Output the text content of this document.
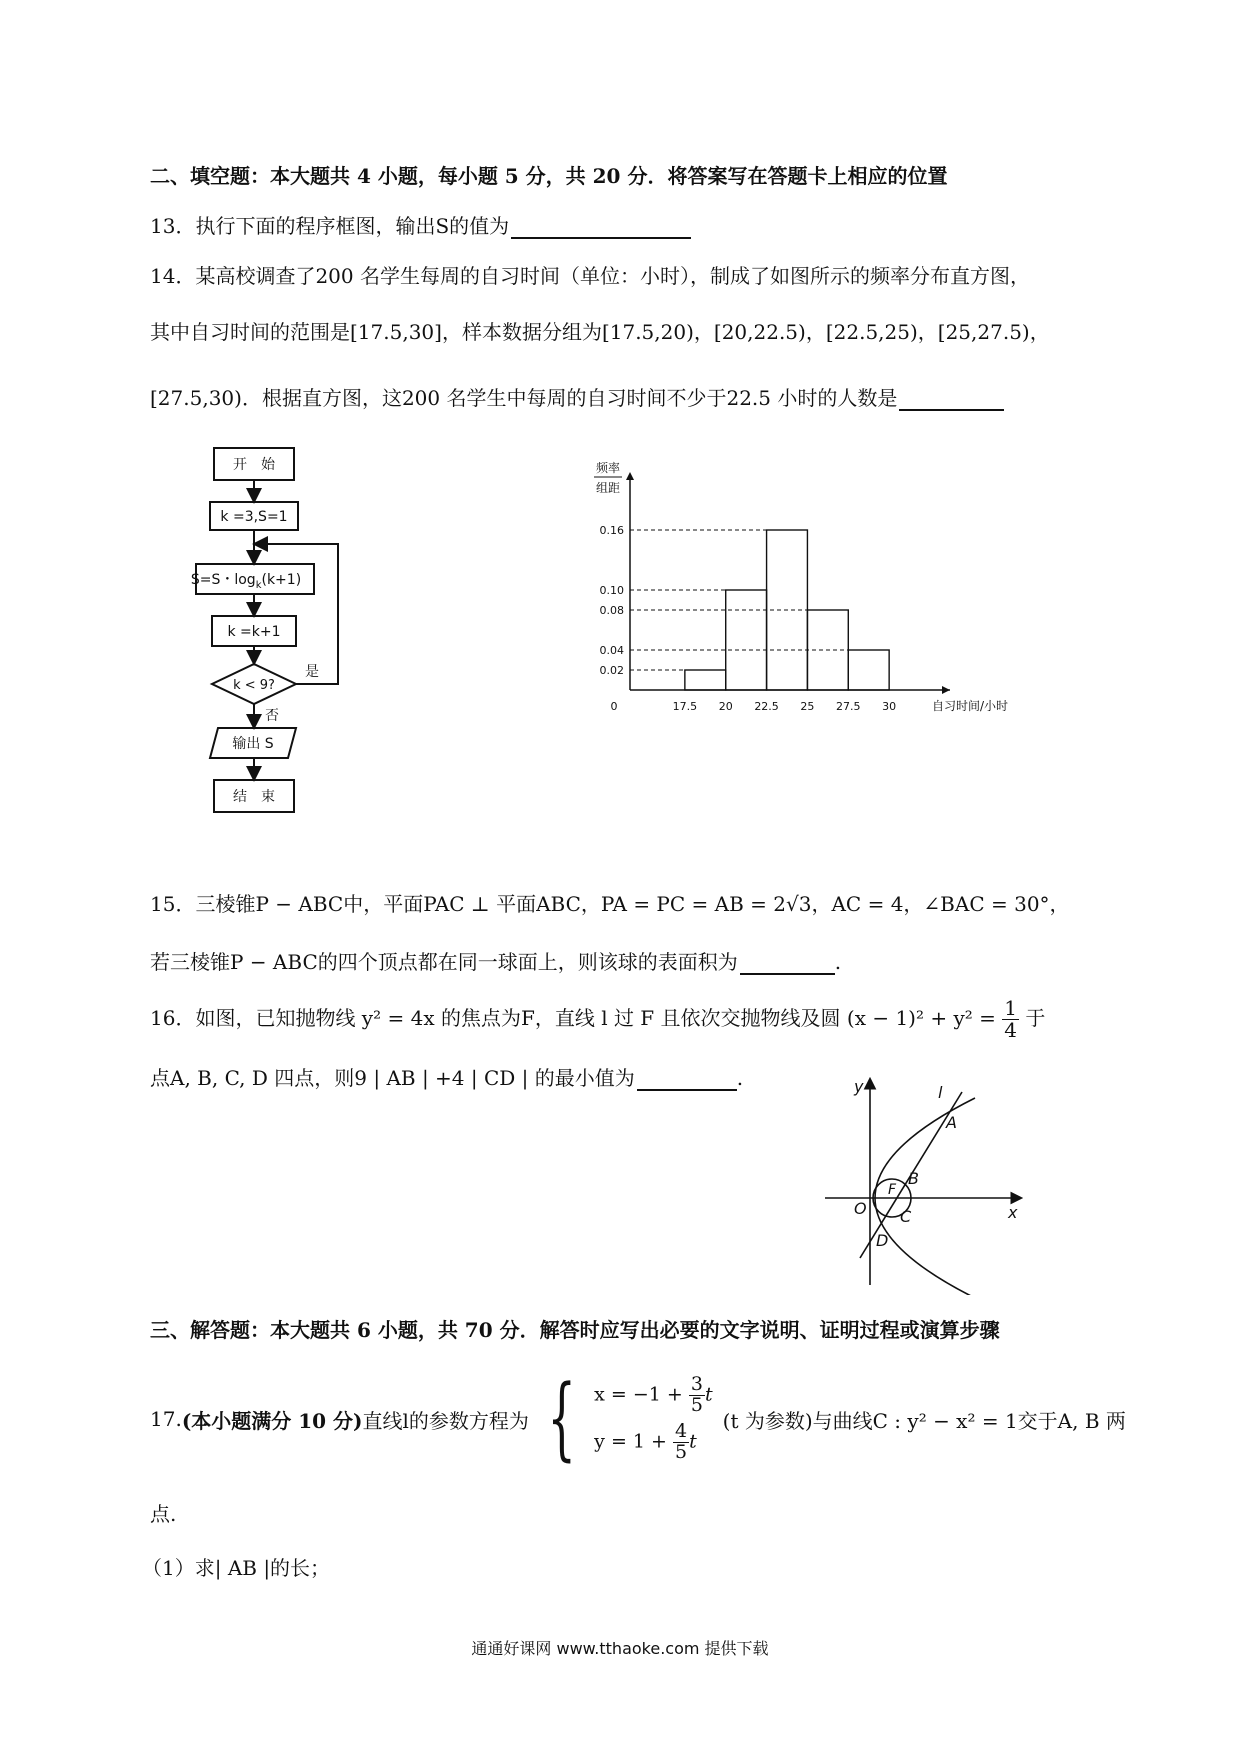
二、填空题：本大题共 4 小题，每小题 5 分，共 20 分．将答案写在答题卡上相应的位置
13．执行下面的程序框图，输出S的值为
14．某高校调查了200 名学生每周的自习时间（单位：小时），制成了如图所示的频率分布直方图，
其中自习时间的范围是[17.5,30]，样本数据分组为[17.5,20)，[20,22.5)，[22.5,25)，[25,27.5)，
[27.5,30)．根据直方图，这200 名学生中每周的自习时间不少于22.5 小时的人数是
开　始
k =3,S=1
S=S・$\log_k(k+1)$
k =k+1
k < 9?
是
否
输出 S
结　束
17.5 20 22.5 25 27.5 30
0
0.02
0.04
0.08
0.10
0.16
自习时间/小时
频率
组距
15．三棱锥P − ABC中，平面PAC ⊥ 平面ABC，PA = PC = AB = 2√3，AC = 4，∠BAC = 30°，
若三棱锥P − ABC的四个顶点都在同一球面上，则该球的表面积为	.
16．如图，已知抛物线 y² = 4x 的焦点为F，直线 l 过 F 且依次交抛物线及圆 $(x - 1)^2 + y^2 = \frac{1}{4}$ 于
点A, B, C, D 四点，则9 | AB | +4 | CD | 的最小值为	.	y
x
l
A
B
F
O C
D
三、解答题：本大题共 6 小题，共 70 分．解答时应写出必要的文字说明、证明过程或演算步骤
17. (本小题满分 10 分) 直线l的参数方程为 { $x = -1 + \frac{3}{5}$ t
$y = 1 + \frac{4}{5}$ t
(t 为参数)与曲线C : y² − x² = 1交于A, B 两
点.
（1）求| AB |的长；
通通好课网 www.tthaoke.com 提供下载
